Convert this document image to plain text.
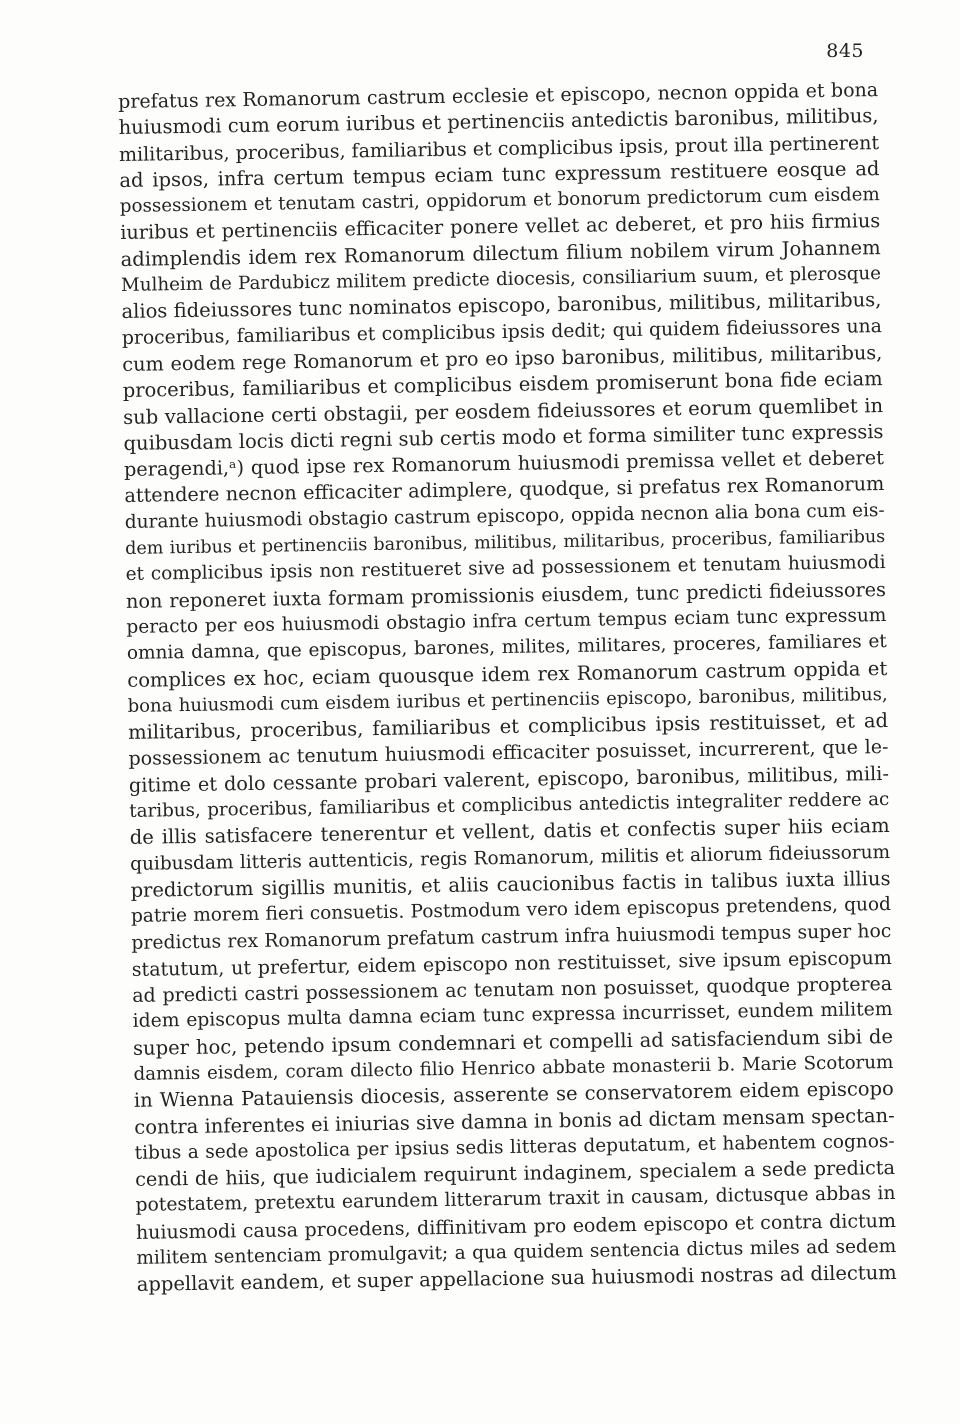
845
prefatus rex Romanorum castrum ecclesie et episcopo, necnon oppida et bona
huiusmodi cum eorum iuribus et pertinenciis antedictis baronibus, militibus,
militaribus, proceribus, familiaribus et complicibus ipsis, prout illa pertinerent
ad ipsos, infra certum tempus eciam tunc expressum restituere eosque ad
possessionem et tenutam castri, oppidorum et bonorum predictorum cum eisdem
iuribus et pertinenciis efficaciter ponere vellet ac deberet, et pro hiis firmius
adimplendis idem rex Romanorum dilectum filium nobilem virum Johannem
Mulheim de Pardubicz militem predicte diocesis, consiliarium suum, et plerosque
alios fideiussores tunc nominatos episcopo, baronibus, militibus, militaribus,
proceribus, familiaribus et complicibus ipsis dedit; qui quidem fideiussores una
cum eodem rege Romanorum et pro eo ipso baronibus, militibus, militaribus,
proceribus, familiaribus et complicibus eisdem promiserunt bona fide eciam
sub vallacione certi obstagii, per eosdem fideiussores et eorum quemlibet in
quibusdam locis dicti regni sub certis modo et forma similiter tunc expressis
peragendi,ᵃ) quod ipse rex Romanorum huiusmodi premissa vellet et deberet
attendere necnon efficaciter adimplere, quodque, si prefatus rex Romanorum
durante huiusmodi obstagio castrum episcopo, oppida necnon alia bona cum eis-
dem iuribus et pertinenciis baronibus, militibus, militaribus, proceribus, familiaribus
et complicibus ipsis non restitueret sive ad possessionem et tenutam huiusmodi
non reponeret iuxta formam promissionis eiusdem, tunc predicti fideiussores
peracto per eos huiusmodi obstagio infra certum tempus eciam tunc expressum
omnia damna, que episcopus, barones, milites, militares, proceres, familiares et
complices ex hoc, eciam quousque idem rex Romanorum castrum oppida et
bona huiusmodi cum eisdem iuribus et pertinenciis episcopo, baronibus, militibus,
militaribus, proceribus, familiaribus et complicibus ipsis restituisset, et ad
possessionem ac tenutum huiusmodi efficaciter posuisset, incurrerent, que le-
gitime et dolo cessante probari valerent, episcopo, baronibus, militibus, mili-
taribus, proceribus, familiaribus et complicibus antedictis integraliter reddere ac
de illis satisfacere tenerentur et vellent, datis et confectis super hiis eciam
quibusdam litteris auttenticis, regis Romanorum, militis et aliorum fideiussorum
predictorum sigillis munitis, et aliis caucionibus factis in talibus iuxta illius
patrie morem fieri consuetis. Postmodum vero idem episcopus pretendens, quod
predictus rex Romanorum prefatum castrum infra huiusmodi tempus super hoc
statutum, ut prefertur, eidem episcopo non restituisset, sive ipsum episcopum
ad predicti castri possessionem ac tenutam non posuisset, quodque propterea
idem episcopus multa damna eciam tunc expressa incurrisset, eundem militem
super hoc, petendo ipsum condemnari et compelli ad satisfaciendum sibi de
damnis eisdem, coram dilecto filio Henrico abbate monasterii b. Marie Scotorum
in Wienna Patauiensis diocesis, asserente se conservatorem eidem episcopo
contra inferentes ei iniurias sive damna in bonis ad dictam mensam spectan-
tibus a sede apostolica per ipsius sedis litteras deputatum, et habentem cognos-
cendi de hiis, que iudicialem requirunt indaginem, specialem a sede predicta
potestatem, pretextu earundem litterarum traxit in causam, dictusque abbas in
huiusmodi causa procedens, diffinitivam pro eodem episcopo et contra dictum
militem sentenciam promulgavit; a qua quidem sentencia dictus miles ad sedem
appellavit eandem, et super appellacione sua huiusmodi nostras ad dilectum
